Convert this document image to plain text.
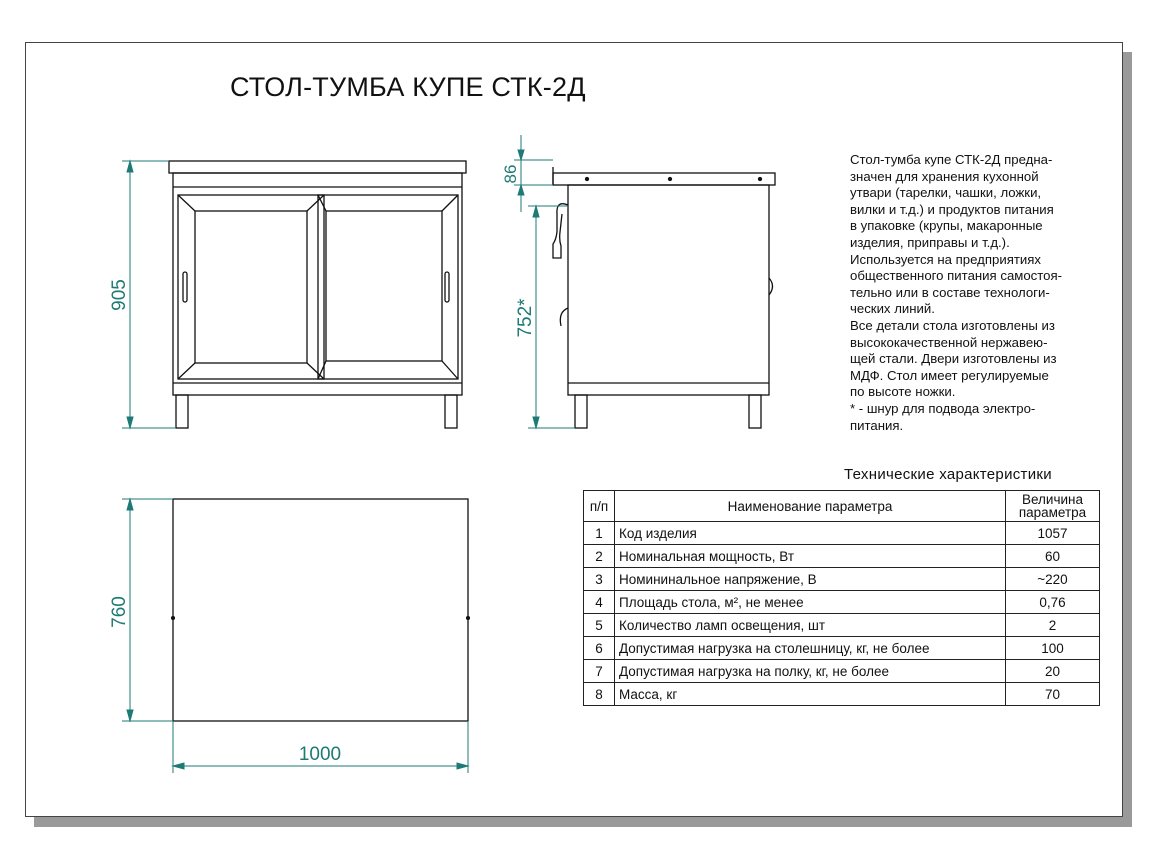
СТОЛ-ТУМБА КУПЕ СТК-2Д
905
86
752*
760
1000
Стол-тумба купе СТК-2Д предна-
значен для хранения кухонной
утвари (тарелки, чашки, ложки,
вилки и т.д.) и продуктов питания
в упаковке (крупы, макаронные
изделия, приправы и т.д.).
Используется на предприятиях
общественного питания самостоя-
тельно или в составе технологи-
ческих линий.
Все детали стола изготовлены из
высококачественной нержавею-
щей стали. Двери изготовлены из
МДФ. Стол имеет регулируемые
по высоте ножки.
* - шнур для подвода электро-
питания.
Технические характеристики
п/п	Наименование параметра	Величина
параметра
1	Код изделия	1057
2	Номинальная мощность, Вт	60
3	Номининальное напряжение, В	~220
4	Площадь стола, м², не менее	0,76
5	Количество ламп освещения, шт	2
6	Допустимая нагрузка на столешницу, кг, не более	100
7	Допустимая нагрузка на полку, кг, не более	20
8	Масса, кг	70
